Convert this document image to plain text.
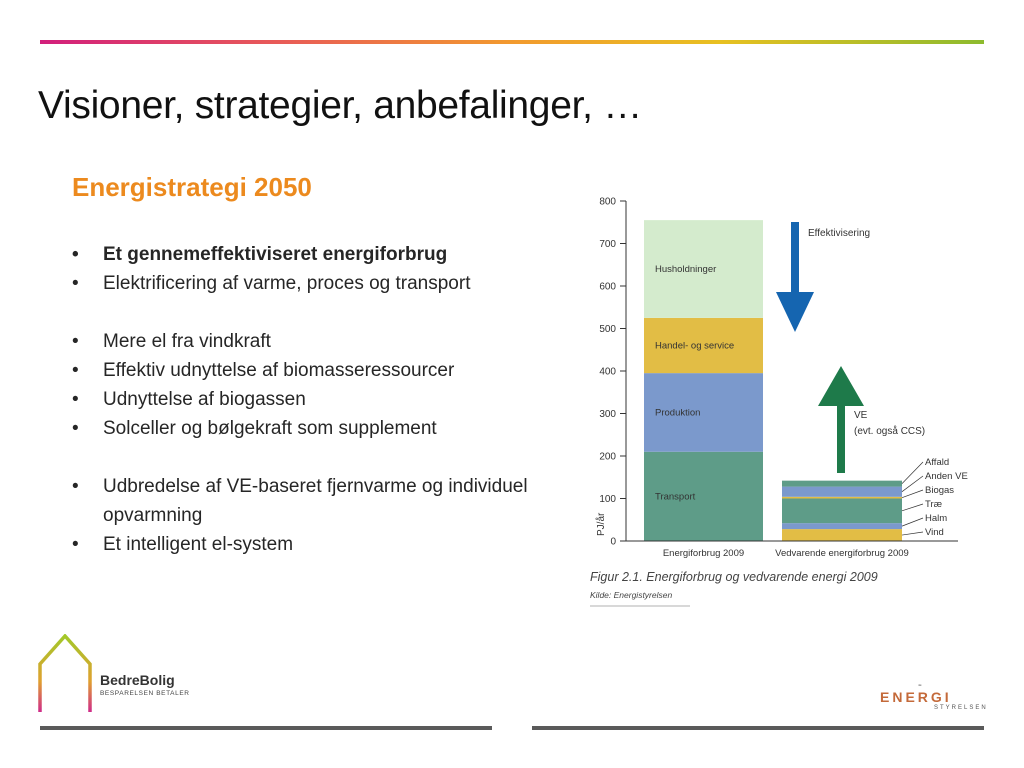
Visioner, strategier, anbefalinger, …
Energistrategi 2050
• Et gennemeffektiviseret energiforbrug
• Elektrificering af varme, proces og transport
• Mere el fra vindkraft
• Effektiv udnyttelse af biomasseressourcer
• Udnyttelse af biogassen
• Solceller og bølgekraft som supplement
• Udbredelse af VE-baseret fjernvarme og individuel opvarmning
• Et intelligent el-system	0
100
200
300
400
500
600
700
800
PJ/år
Energiforbrug 2009	Vedvarende energiforbrug 2009
Transport
Produktion
Handel- og service
Husholdninger
Vind
Halm
Træ
Biogas
Anden VE
Affald
Effektivisering
VE
(evt. også CCS)
Figur 2.1. Energiforbrug og vedvarende energi 2009
Kilde: Energistyrelsen
BedreBolig
BESPARELSEN BETALER	ENERGI
STYRELSEN
